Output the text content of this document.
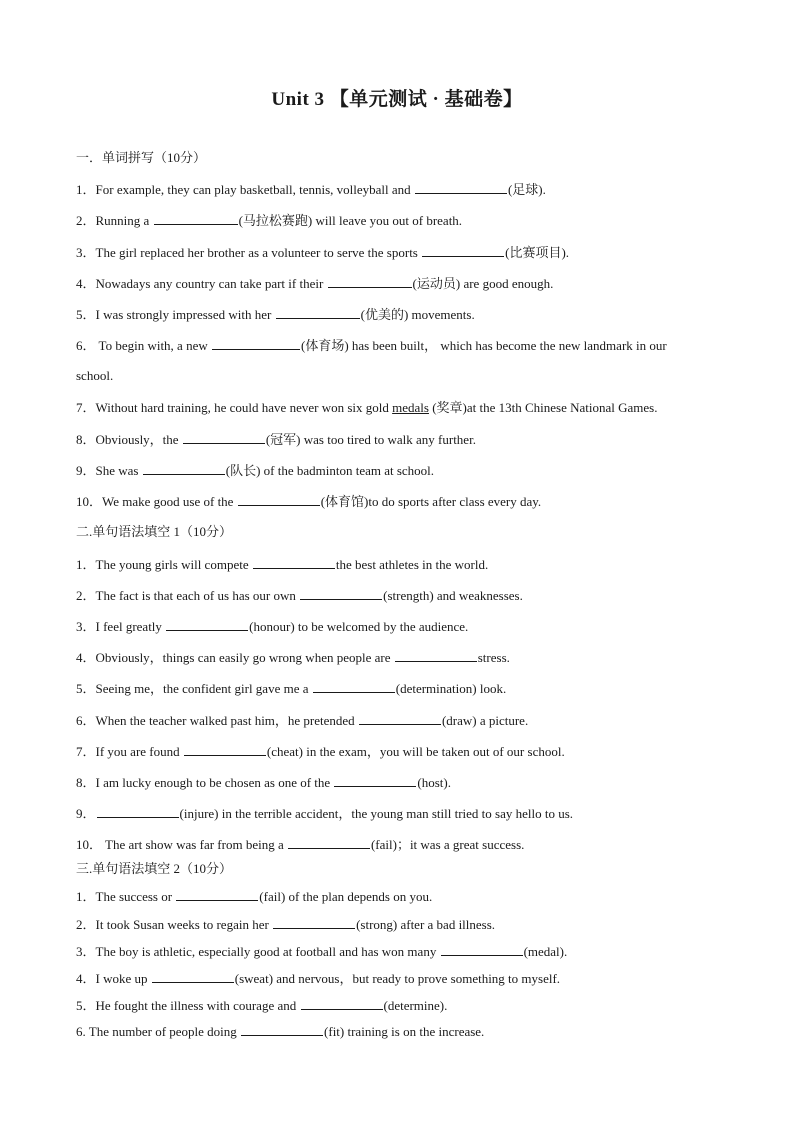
Unit 3 【单元测试 · 基础卷】
一．单词拼写（10分）
1．For example, they can play basketball, tennis, volleyball and	(足球).
2．Running a	(马拉松赛跑) will leave you out of breath.
3．The girl replaced her brother as a volunteer to serve the sports	(比赛项目).
4．Nowadays any country can take part if their	(运动员) are good enough.
5．I was strongly impressed with her	(优美的) movements.
6． To begin with, a new	(体育场) has been built， which has become the new landmark in our
school.
7．Without hard training, he could have never won six gold medals (奖章)at the 13th Chinese National Games.
8．Obviously，the	(冠军) was too tired to walk any further.
9．She was	(队长) of the badminton team at school.
10．We make good use of the	(体育馆)to do sports after class every day.
二.单句语法填空 1（10分）
1．The young girls will compete	the best athletes in the world.
2．The fact is that each of us has our own	(strength) and weaknesses.
3．I feel greatly	(honour) to be welcomed by the audience.
4．Obviously，things can easily go wrong when people are	stress.
5．Seeing me，the confident girl gave me a	(determination) look.
6．When the teacher walked past him，he pretended	(draw) a picture.
7．If you are found	(cheat) in the exam，you will be taken out of our school.
8．I am lucky enough to be chosen as one of the	(host).
9．	(injure) in the terrible accident，the young man still tried to say hello to us.
10． The art show was far from being a	(fail)；it was a great success.
三.单句语法填空 2（10分）
1．The success or	(fail) of the plan depends on you.
2．It took Susan weeks to regain her	(strong) after a bad illness.
3．The boy is athletic, especially good at football and has won many	(medal).
4．I woke up	(sweat) and nervous，but ready to prove something to myself.
5．He fought the illness with courage and	(determine).
6. The number of people doing	(fit) training is on the increase.
